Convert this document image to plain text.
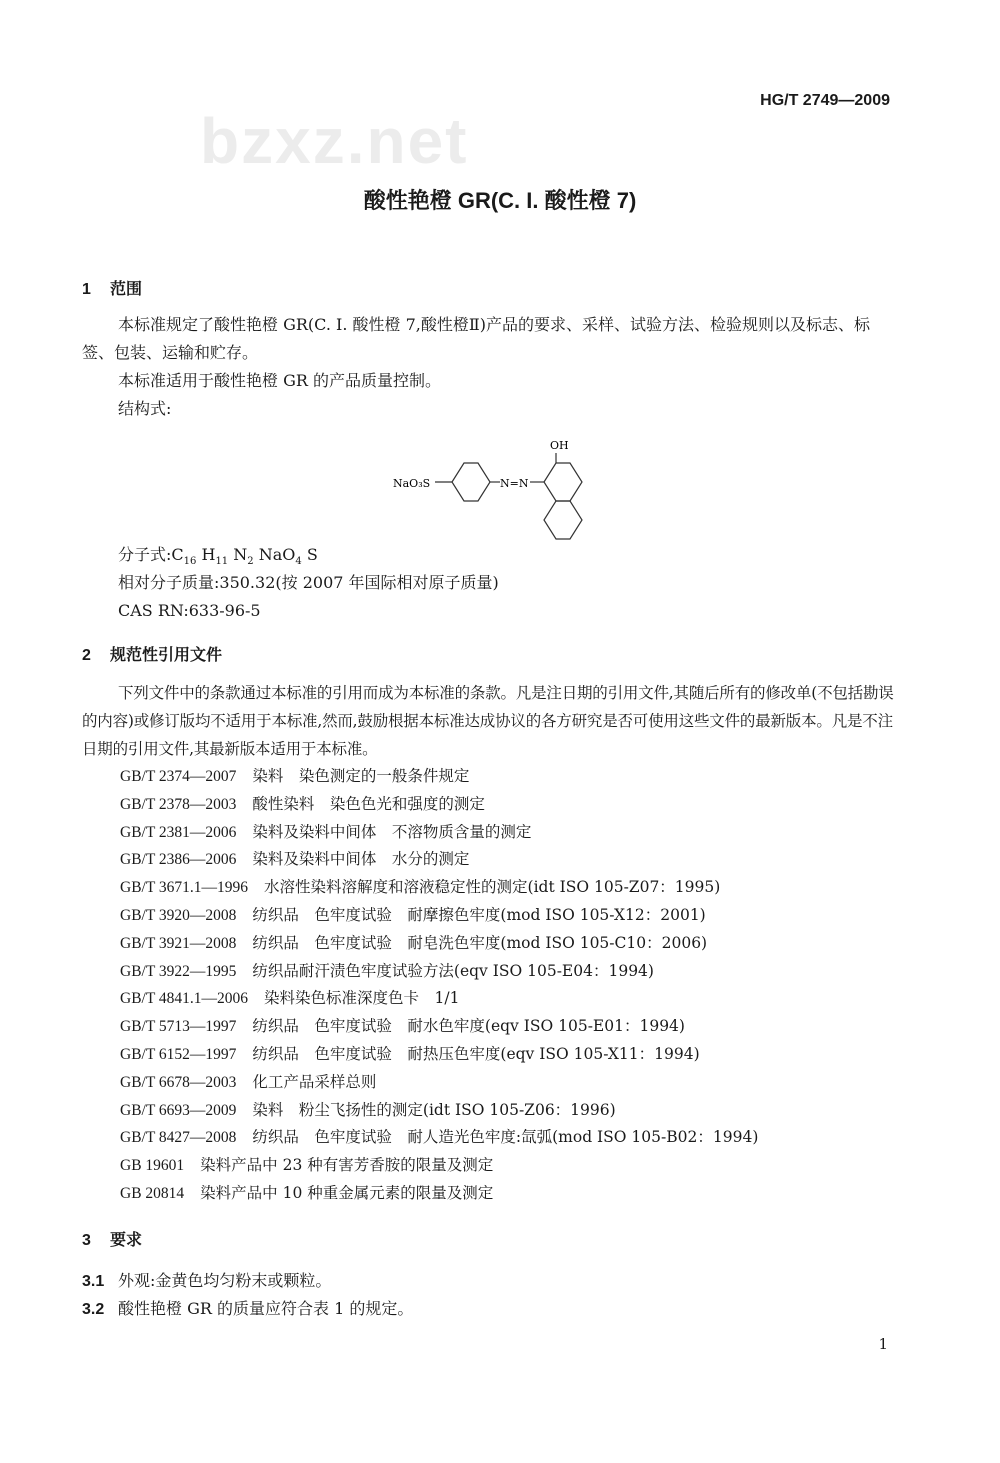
bzxz.net
HG/T 2749—2009
酸性艳橙 GR(C. I. 酸性橙 7)
1 范围
本标准规定了酸性艳橙 GR(C. I. 酸性橙 7,酸性橙Ⅱ)产品的要求、采样、试验方法、检验规则以及标志、标签、包装、运输和贮存。
本标准适用于酸性艳橙 GR 的产品质量控制。
结构式:
NaO₃S	N=N
OH
分子式$:C_{16}$ $H_{11}$ $N_2$ NaO$_4$ S
相对分子质量:350.32(按 2007 年国际相对原子质量)
CAS RN:633-96-5
2 规范性引用文件
下列文件中的条款通过本标准的引用而成为本标准的条款。凡是注日期的引用文件,其随后所有的修改单(不包括勘误的内容)或修订版均不适用于本标准,然而,鼓励根据本标准达成协议的各方研究是否可使用这些文件的最新版本。凡是不注日期的引用文件,其最新版本适用于本标准。
GB/T 2374—2007 染料　染色测定的一般条件规定
GB/T 2378—2003 酸性染料　染色色光和强度的测定
GB/T 2381—2006 染料及染料中间体　不溶物质含量的测定
GB/T 2386—2006 染料及染料中间体　水分的测定
GB/T 3671.1—1996 水溶性染料溶解度和溶液稳定性的测定(idt ISO 105-Z07：1995)
GB/T 3920—2008 纺织品　色牢度试验　耐摩擦色牢度(mod ISO 105-X12：2001)
GB/T 3921—2008 纺织品　色牢度试验　耐皂洗色牢度(mod ISO 105-C10：2006)
GB/T 3922—1995 纺织品耐汗渍色牢度试验方法(eqv ISO 105-E04：1994)
GB/T 4841.1—2006 染料染色标准深度色卡　1/1
GB/T 5713—1997 纺织品　色牢度试验　耐水色牢度(eqv ISO 105-E01：1994)
GB/T 6152—1997 纺织品　色牢度试验　耐热压色牢度(eqv ISO 105-X11：1994)
GB/T 6678—2003 化工产品采样总则
GB/T 6693—2009 染料　粉尘飞扬性的测定(idt ISO 105-Z06：1996)
GB/T 8427—2008 纺织品　色牢度试验　耐人造光色牢度:氙弧(mod ISO 105-B02：1994)
GB 19601 染料产品中 23 种有害芳香胺的限量及测定
GB 20814 染料产品中 10 种重金属元素的限量及测定
3 要求
3.1 外观:金黄色均匀粉末或颗粒。
3.2 酸性艳橙 GR 的质量应符合表 1 的规定。
1
